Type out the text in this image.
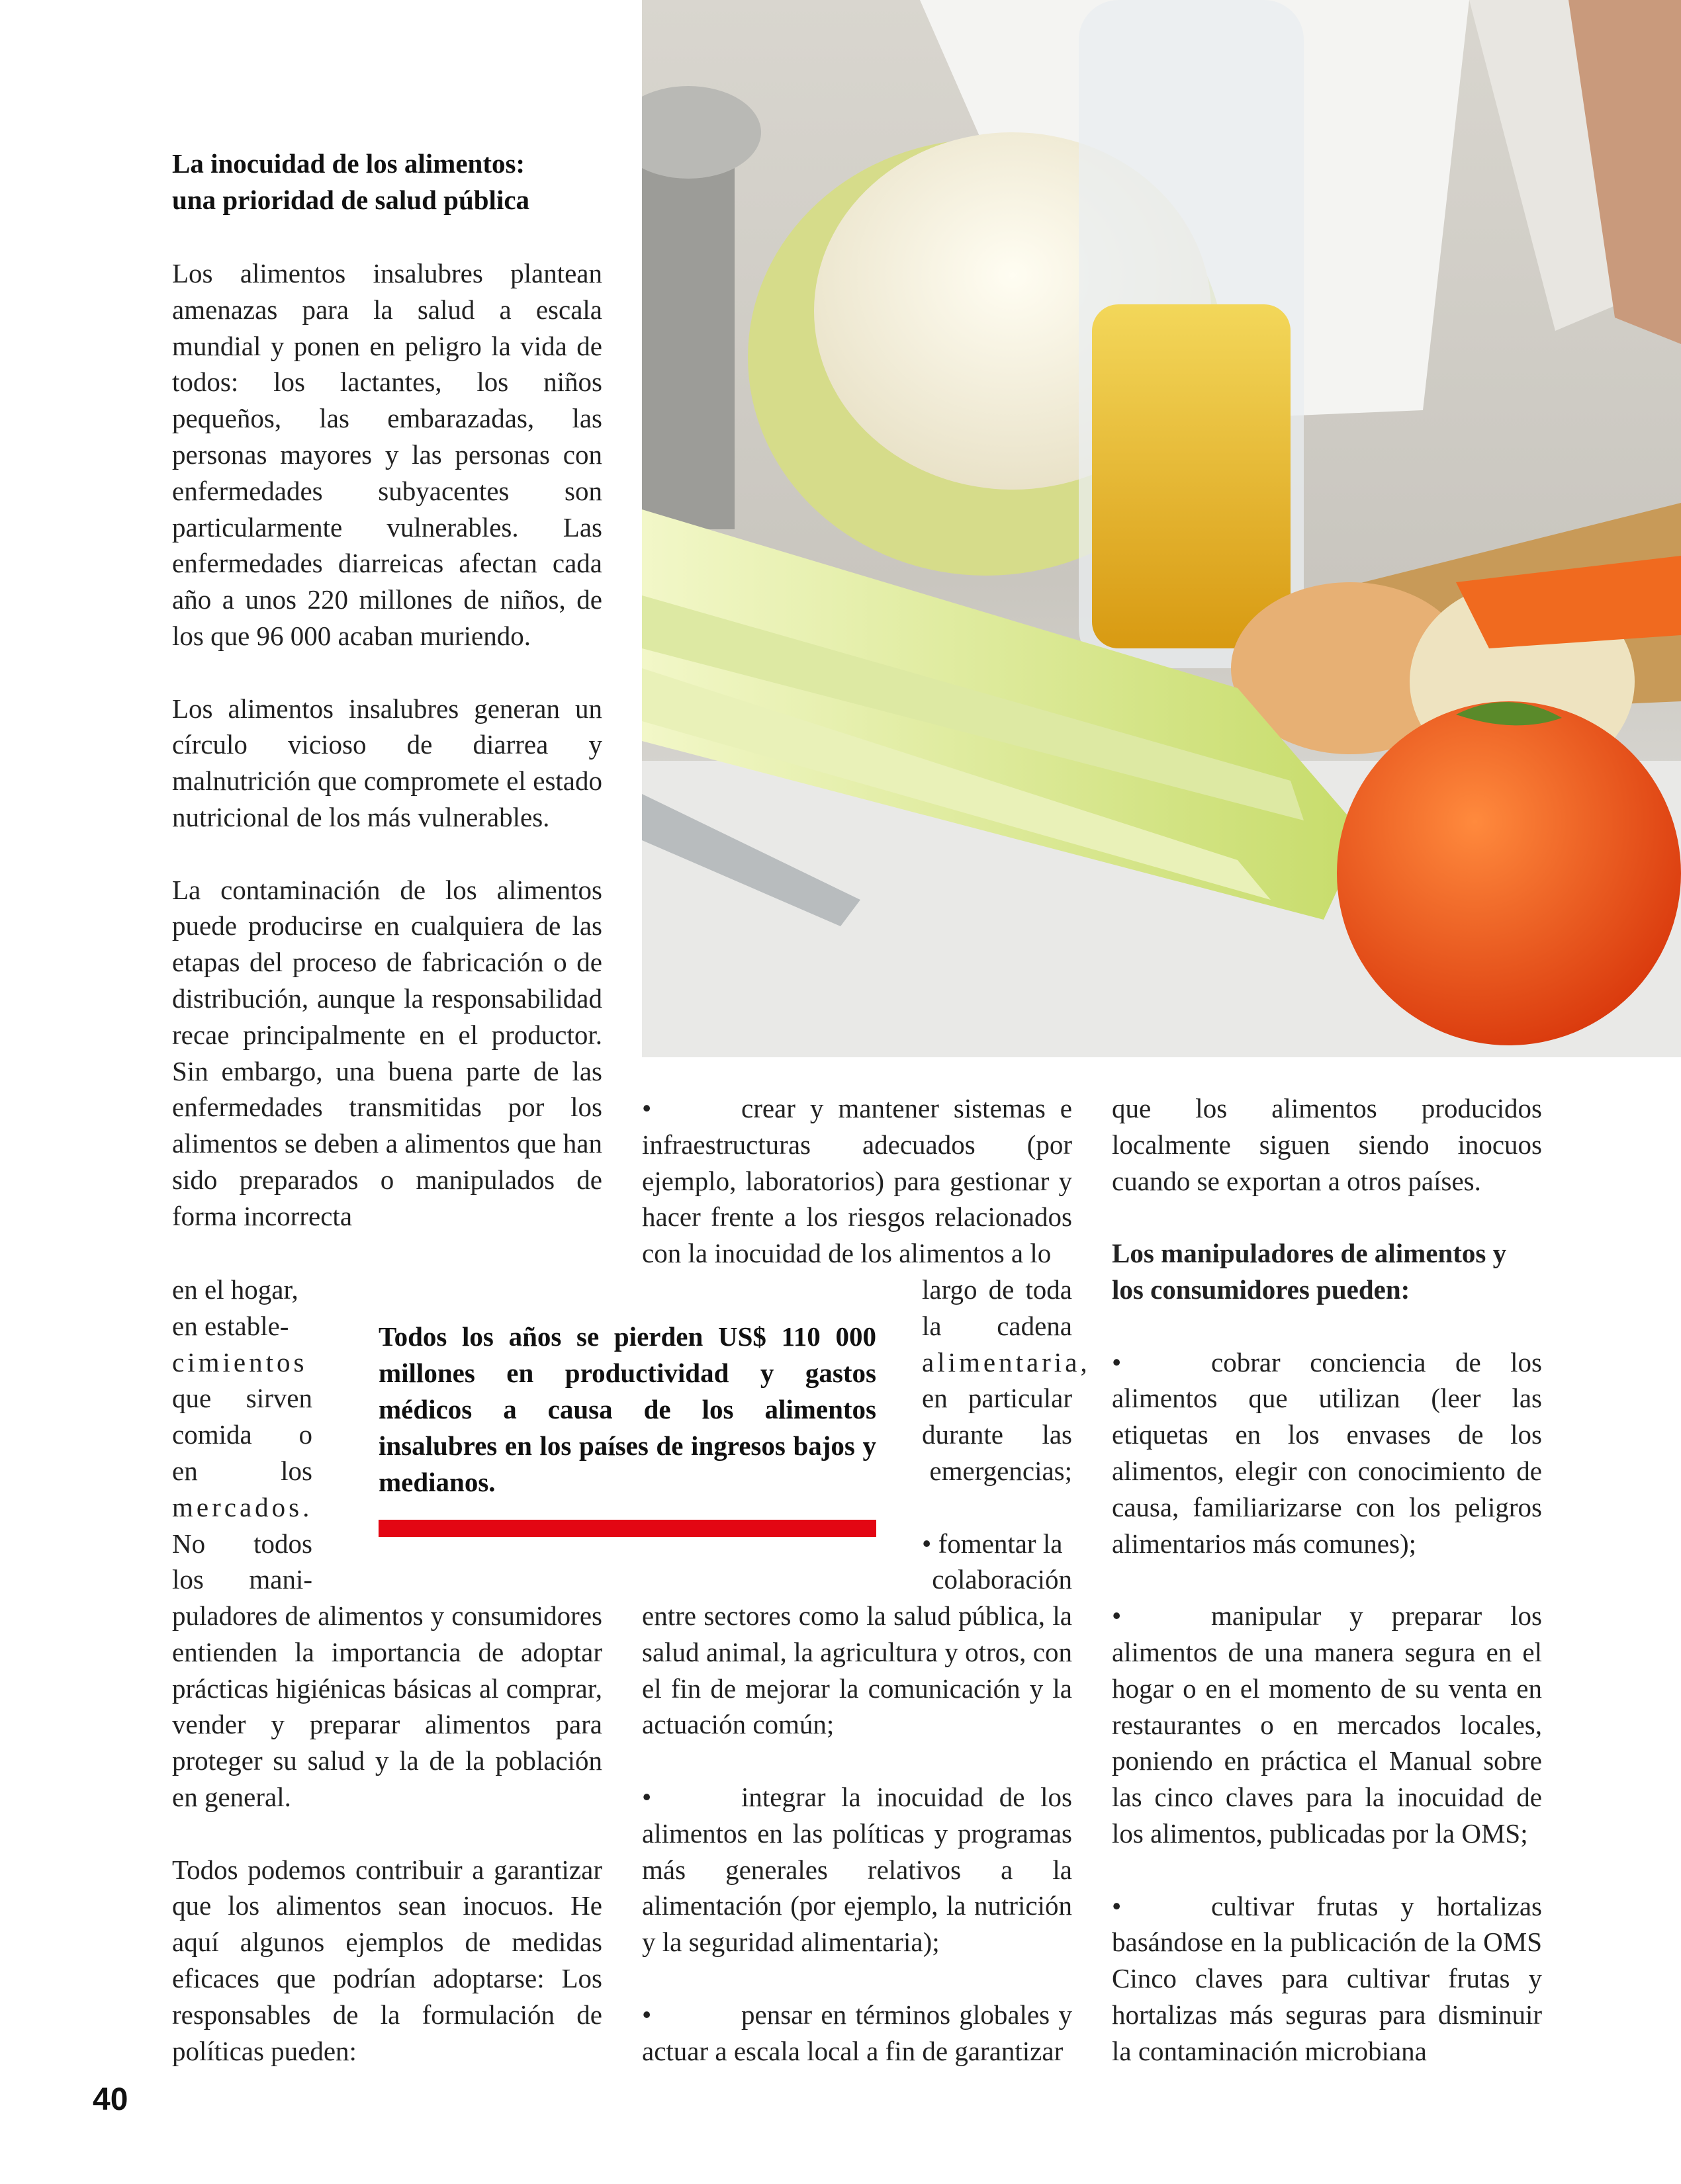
La inocuidad de los alimentos:
una prioridad de salud pública

Los alimentos insalubres plantean amenazas para la salud a escala mundial y ponen en peligro la vida de todos: los lactantes, los niños pequeños, las embarazadas, las personas mayores y las personas con enfermedades subyacentes son particularmente vulnerables. Las enfermedades diarreicas afectan cada año a unos 220 millones de niños, de los que 96 000 acaban muriendo.

Los alimentos insalubres generan un círculo vicioso de diarrea y malnutrición que compromete el estado nutricional de los más vulnerables.

La contaminación de los alimentos puede producirse en cualquiera de las etapas del proceso de fabricación o de distribución, aunque la responsabilidad recae principalmente en el productor. Sin embargo, una buena parte de las enfermedades transmitidas por los alimentos se deben a alimentos que han sido preparados o manipulados de forma incorrecta

en el hogar,
en estable-
cimientos
que sirven
comida o
en los
mercados.
No todos
los mani-

puladores de alimentos y consumidores entienden la importancia de adoptar prácticas higiénicas básicas al comprar, vender y preparar alimentos para proteger su salud y la de la población en general.

Todos podemos contribuir a garantizar que los alimentos sean inocuos. He aquí algunos ejemplos de medidas eficaces que podrían adoptarse: Los responsables de la formulación de políticas pueden:

•	crear y mantener sistemas e infraestructuras adecuados (por ejemplo, laboratorios) para gestionar y hacer frente a los riesgos relacionados con la inocuidad de los alimentos a lo
largo de toda
la cadena
alimentaria,
en particular
durante las
emergencias;
• fomentar la
colaboración

entre sectores como la salud pública, la salud animal, la agricultura y otros, con el fin de mejorar la comunicación y la actuación común;

•	integrar la inocuidad de los alimentos en las políticas y programas más generales relativos a la alimentación (por ejemplo, la nutrición y la seguridad alimentaria);
•	pensar en términos globales y actuar a escala local a fin de garantizar

que los alimentos producidos localmente siguen siendo inocuos cuando se exportan a otros países.

Los manipuladores de alimentos y los consumidores pueden:

•	cobrar conciencia de los alimentos que utilizan (leer las etiquetas en los envases de los alimentos, elegir con conocimiento de causa, familiarizarse con los peligros alimentarios más comunes);
•	manipular y preparar los alimentos de una manera segura en el hogar o en el momento de su venta en restaurantes o en mercados locales, poniendo en práctica el Manual sobre las cinco claves para la inocuidad de los alimentos, publicadas por la OMS;
•	cultivar frutas y hortalizas basándose en la publicación de la OMS Cinco claves para cultivar frutas y hortalizas más seguras para disminuir la contaminación microbiana
Todos los años se pierden US$ 110 000 millones en productividad y gastos médicos a causa de los alimentos insalubres en los países de ingresos bajos y medianos.
40
